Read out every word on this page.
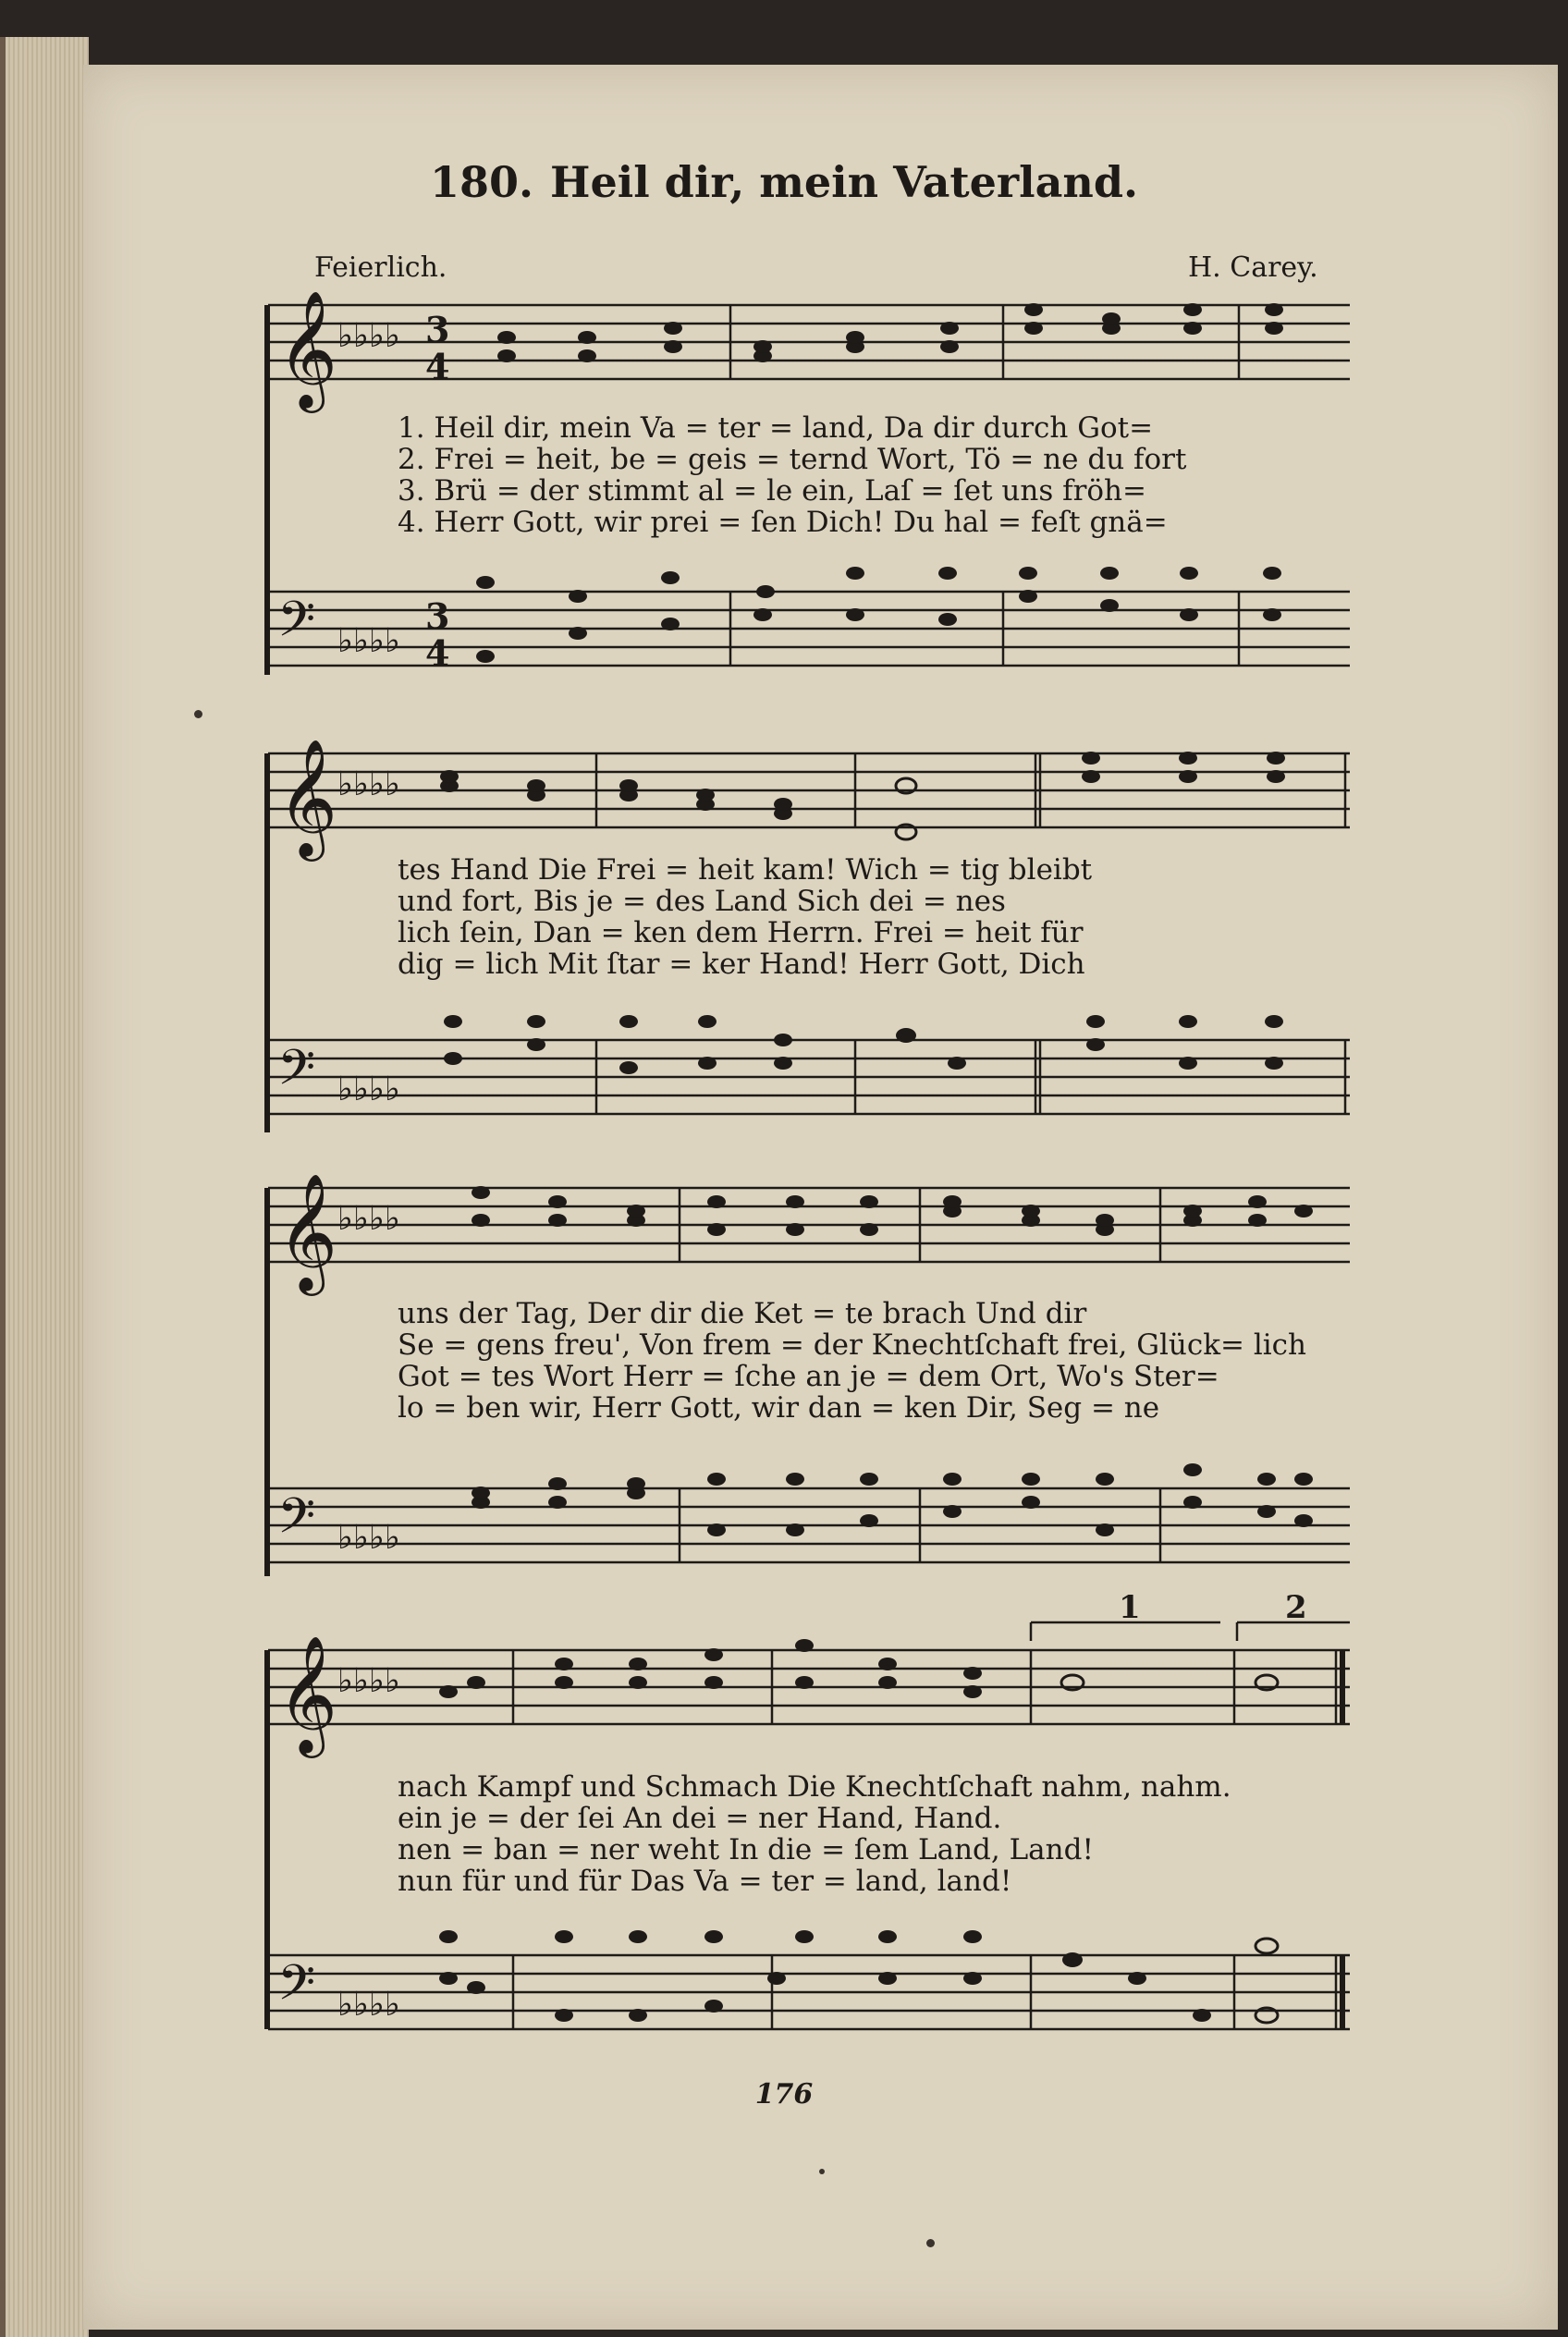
180. Heil dir, mein Vaterland.
Feierlich.	H. Carey.
𝄞 ♭♭♭♭ 3
4
1. Heil dir, mein Va = ter = land, Da dir durch Got=
2. Frei = heit, be = geis = ternd Wort, Tö = ne du fort
3. Brü = der stimmt al = le ein, Laſ = ſet uns fröh=
4. Herr Gott, wir prei = ſen Dich! Du hal = feſt gnä=
𝄢 ♭♭♭♭
3
4
𝄞 ♭♭♭♭
tes Hand Die Frei = heit kam! Wich = tig bleibt
und fort, Bis je = des Land Sich dei = nes
lich ſein, Dan = ken dem Herrn. Frei = heit für
dig = lich Mit ſtar = ker Hand! Herr Gott, Dich
𝄢 ♭♭♭♭
𝄞 ♭♭♭♭
uns der Tag, Der dir die Ket = te brach Und dir
Se = gens freu', Von frem = der Knechtſchaft frei, Glück= lich
Got = tes Wort Herr = ſche an je = dem Ort, Wo's Ster=
lo = ben wir, Herr Gott, wir dan = ken Dir, Seg = ne
𝄢 ♭♭♭♭
1	2
𝄞 ♭♭♭♭
nach Kampf und Schmach Die Knechtſchaft nahm, nahm.
ein je = der ſei An dei = ner Hand, Hand.
nen = ban = ner weht In die = ſem Land, Land!
nun für und für Das Va = ter = land, land!
𝄢 ♭♭♭♭
176
